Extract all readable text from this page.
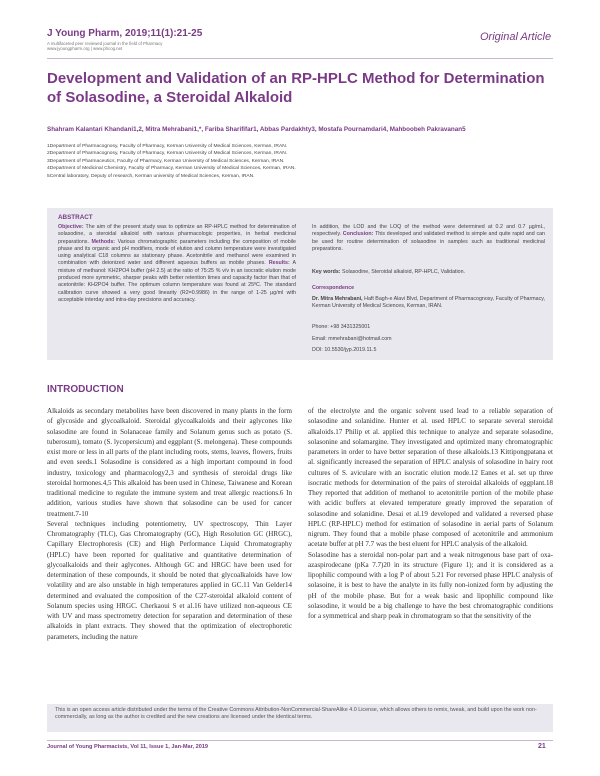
J Young Pharm, 2019;11(1):21-25
A multifaceted peer reviewed journal in the field of Pharmacy
www.jyoungpharm.org | www.phcog.net
Original Article
Development and Validation of an RP-HPLC Method for Determination of Solasodine, a Steroidal Alkaloid
Shahram Kalantari Khandani1,2, Mitra Mehrabani1,*, Fariba Sharififar1, Abbas Pardakhty3, Mostafa Pournamdari4, Mahboobeh Pakravanan5
1Department of Pharmacognosy, Faculty of Pharmacy, Kerman University of Medical Sciences, Kerman, IRAN.
2Department of Pharmacognosy, Faculty of Pharmacy, Kerman University of Medical Sciences, Kerman, IRAN.
3Department of Pharmaceutics, Faculty of Pharmacy, Kerman University of Medical Sciences, Kerman, IRAN.
4Department of Medicinal Chemistry, Faculty of Pharmacy, Kerman University of Medical Sciences, Kerman, IRAN.
5Central laboratory, Deputy of research, Kerman university of Medical Sciences, Kerman, IRAN.
ABSTRACT
Objective: The aim of the present study was to optimize an RP-HPLC method for determination of solasodine, a steroidal alkaloid with various pharmacologic properties, in herbal medicinal preparations. Methods: Various chromatographic parameters including the composition of mobile phase and its organic and pH modifiers, mode of elution and column temperature were investigated using analytical C18 columns as stationary phase. Acetonitrile and methanol were examined in combination with deionized water and different aqueous buffers as mobile phases. Results: A mixture of methanol: KH2PO4 buffer (pH 2.5) at the ratio of 75:25 % v/v in an isocratic elution mode produced more symmetric, sharper peaks with better retention times and capacity factor than that of acetonitrile: KH2PO4 buffer. The optimum column temperature was found at 25ºC. The standard calibration curve showed a very good linearity (R2=0.9986) in the range of 1-25 µg/ml with acceptable interday and intra-day precisions and accuracy.
In addition, the LOD and the LOQ of the method were determined at 0.2 and 0.7 µg/mL, respectively. Conclusion: This developed and validated method is simple and quite rapid and can be used for routine determination of solasodine in samples such as traditional medicinal preparations.
Key words: Solasodine, Steroidal alkaloid, RP-HPLC, Validation.
Correspondence
Dr. Mitra Mehrabani, Haft Bagh-e Alavi Blvd, Department of Pharmacognosy, Faculty of Pharmacy, Kerman University of Medical Sciences, Kerman, IRAN.
Phone: +98 3431325001
Email: mmehrabani@hotmail.com
DOI: 10.5530/jyp.2019.11.5
INTRODUCTION

Alkaloids as secondary metabolites have been discovered in many plants in the form of glycoside and glycoalkaloid. Steroidal glycoalkaloids and their aglycones like solasodine are found in Solanaceae family and Solanum genus such as potato (S. tuberosum), tomato (S. lycopersicum) and eggplant (S. melongena). These compounds exist more or less in all parts of the plant including roots, stems, leaves, flowers, fruits and even seeds.1 Solasodine is considered as a high important compound in food industry, toxicology and pharmacology2,3 and synthesis of steroidal drugs like steroidal hormones.4,5 This alkaloid has been used in Chinese, Taiwanese and Korean traditional medicine to regulate the immune system and treat allergic reactions.6 In addition, various studies have shown that solasodine can be used for cancer treatment.7-10

Several techniques including potentiometry, UV spectroscopy, Thin Layer Chromatography (TLC), Gas Chromatography (GC), High Resolution GC (HRGC), Capillary Electrophoresis (CE) and High Performance Liquid Chromatography (HPLC) have been reported for qualitative and quantitative determination of glycoalkaloids and their aglycones. Although GC and HRGC have been used for determination of these compounds, it should be noted that glycoalkaloids have low volatility and are also unstable in high temperatures applied in GC.11 Van Gelder14 determined and evaluated the composition of the C27-steroidal alkaloid content of Solanum species using HRGC. Cherkaoui S et al.16 have utilized non-aqueous CE with UV and mass spectrometry detection for separation and determination of these alkaloids in plant extracts. They showed that the optimization of electrophoretic parameters, including the nature

of the electrolyte and the organic solvent used lead to a reliable separation of solasodine and solanidine. Hunter et al. used HPLC to separate several steroidal alkaloids.17 Philip et al. applied this technique to analyze and separate solasodine, solasonine and solamargine. They investigated and optimized many chromatographic parameters in order to have better separation of these alkaloids.13 Kittipongpatana et al. significantly increased the separation of HPLC analysis of solasodine in hairy root cultures of S. aviculare with an isocratic elution mode.12 Eanes et al. set up three isocratic methods for determination of the pairs of steroidal alkaloids of eggplant.18 They reported that addition of methanol to acetonitrile portion of the mobile phase with acidic buffers at elevated temperature greatly improved the separation of solasodine and solanidine. Desai et al.19 developed and validated a reversed phase HPLC (RP-HPLC) method for estimation of solasodine in aerial parts of Solanum nigrum. They found that a mobile phase composed of acetonitrile and ammonium acetate buffer at pH 7.7 was the best eluent for HPLC analysis of the alkaloid.

Solasodine has a steroidal non-polar part and a weak nitrogenous base part of oxa-azaspirodecane (pKa 7.7)20 in its structure (Figure 1); and it is considered as a lipophilic compound with a log P of about 5.21 For reversed phase HPLC analysis of solasoine, it is best to have the analyte in its fully non-ionized form by adjusting the pH of the mobile phase. But for a weak basic and lipophilic compound like solasodine, it would be a big challenge to have the best chromatographic conditions for a symmetrical and sharp peak in chromatogram so that the sensitivity of the

This is an open access article distributed under the terms of the Creative Commons Attribution-NonCommercial-ShareAlike 4.0 License, which allows others to remix, tweak, and build upon the work non-commercially, as long as the author is credited and the new creations are licensed under the identical terms.
Journal of Young Pharmacists, Vol 11, Issue 1, Jan-Mar, 2019	21
